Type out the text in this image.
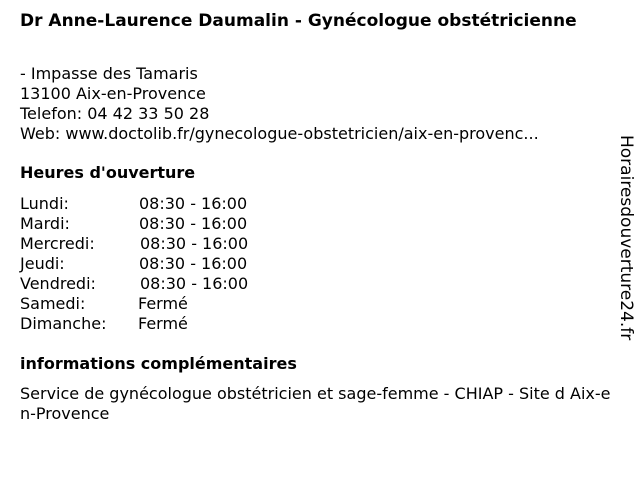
Dr Anne-Laurence Daumalin - Gynécologue obstétricienne
- Impasse des Tamaris
13100 Aix-en-Provence
Telefon: 04 42 33 50 28
Web: www.doctolib.fr/gynecologue-obstetricien/aix-en-provenc...
Heures d'ouverture
Lundi:	08:30 - 16:00
Mardi:	08:30 - 16:00
Mercredi:	08:30 - 16:00
Jeudi:	08:30 - 16:00
Vendredi:	08:30 - 16:00
Samedi:	Fermé
Dimanche: Fermé
informations complémentaires
Service de gynécologue obstétricien et sage-femme - CHIAP - Site d Aix-en-Provence
Horairesdouverture24.fr
